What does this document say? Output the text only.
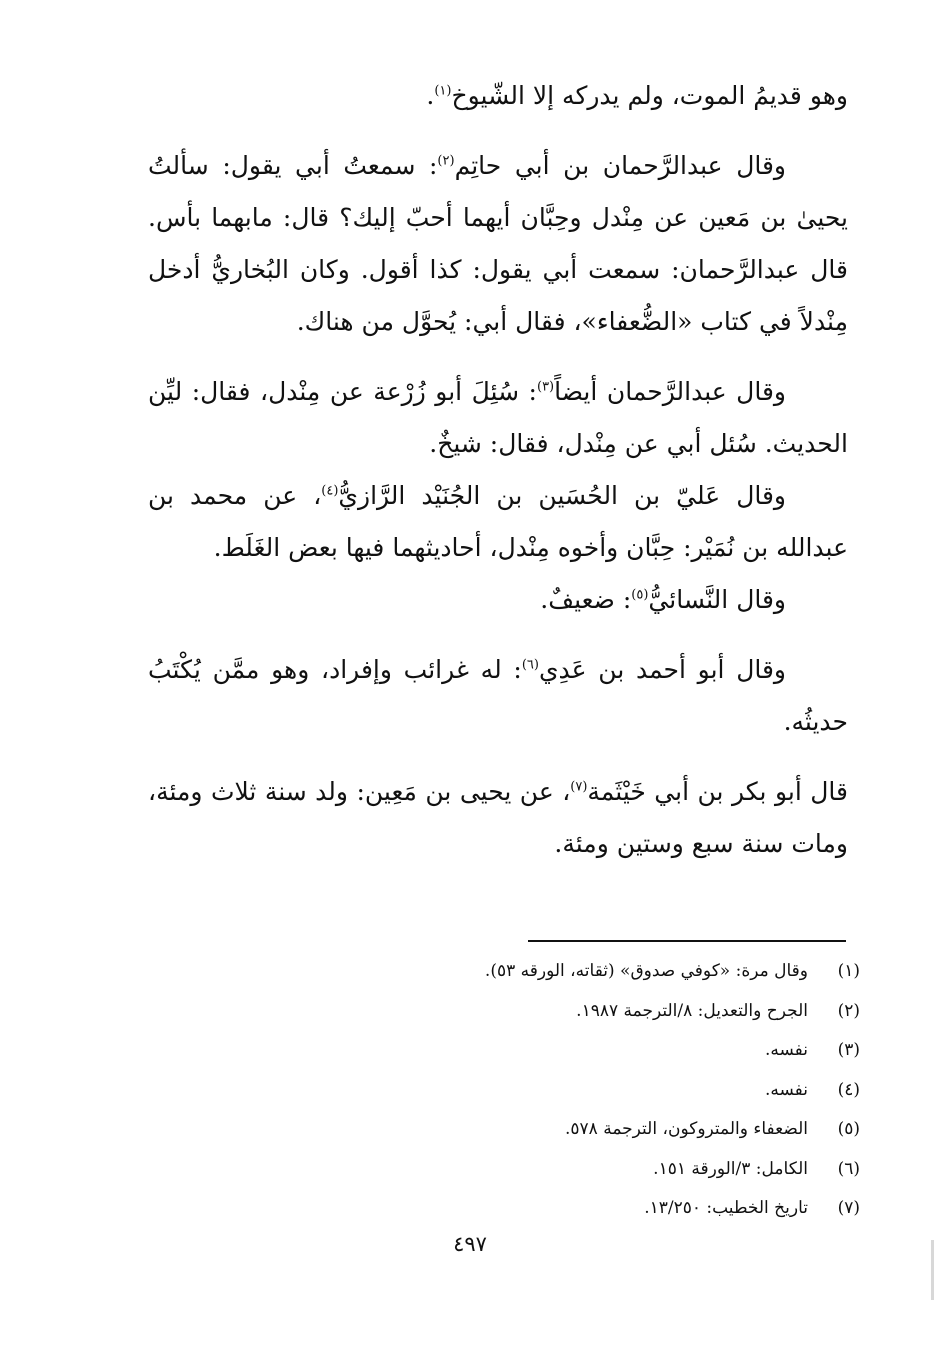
وهو قديمُ الموت، ولم يدركه إلا الشّيوخ$^{(١)}$.

وقال عبدالرَّحمان بن أبي حاتِم$^{(٢)}$: سمعتُ أبي يقول: سألتُ يحيىٰ بن مَعين عن مِنْدل وحِبَّان أيهما أحبّ إليك؟ قال: مابهما بأس. قال عبدالرَّحمان: سمعت أبي يقول: كذا أقول. وكان البُخاريُّ أدخل مِنْدلاً في كتاب «الضُّعفاء»، فقال أبي: يُحوَّل من هناك.

وقال عبدالرَّحمان أيضاً$^{(٣)}$: سُئِلَ أبو زُرْعة عن مِنْدل، فقال: ليِّن الحديث. سُئل أبي عن مِنْدل، فقال: شيخٌ.

وقال عَليّ بن الحُسَين بن الجُنَيْد الرَّازيُّ$^{(٤)}$، عن محمد بن عبدالله بن نُمَيْر: حِبَّان وأخوه مِنْدل، أحاديثهما فيها بعض الغَلَط.

وقال النَّسائيُّ$^{(٥)}$: ضعيفٌ.

وقال أبو أحمد بن عَدِي$^{(٦)}$: له غرائب وإفراد، وهو ممَّن يُكْتَبُ حديثُه.

قال أبو بكر بن أبي خَيْثَمة$^{(٧)}$، عن يحيى بن مَعِين: ولد سنة ثلاث ومئة، ومات سنة سبع وستين ومئة.

(١)
وقال مرة: «كوفي صدوق» (ثقاته، الورقه ٥٣).
(٢)
الجرح والتعديل: ٨/الترجمة ١٩٨٧.
(٣)
نفسه.
(٤)
نفسه.
(٥)
الضعفاء والمتروكون، الترجمة ٥٧٨.
(٦)
الكامل: ٣/الورقة ١٥١.
(٧)
تاريخ الخطيب: ١٣/٢٥٠.
٤٩٧
